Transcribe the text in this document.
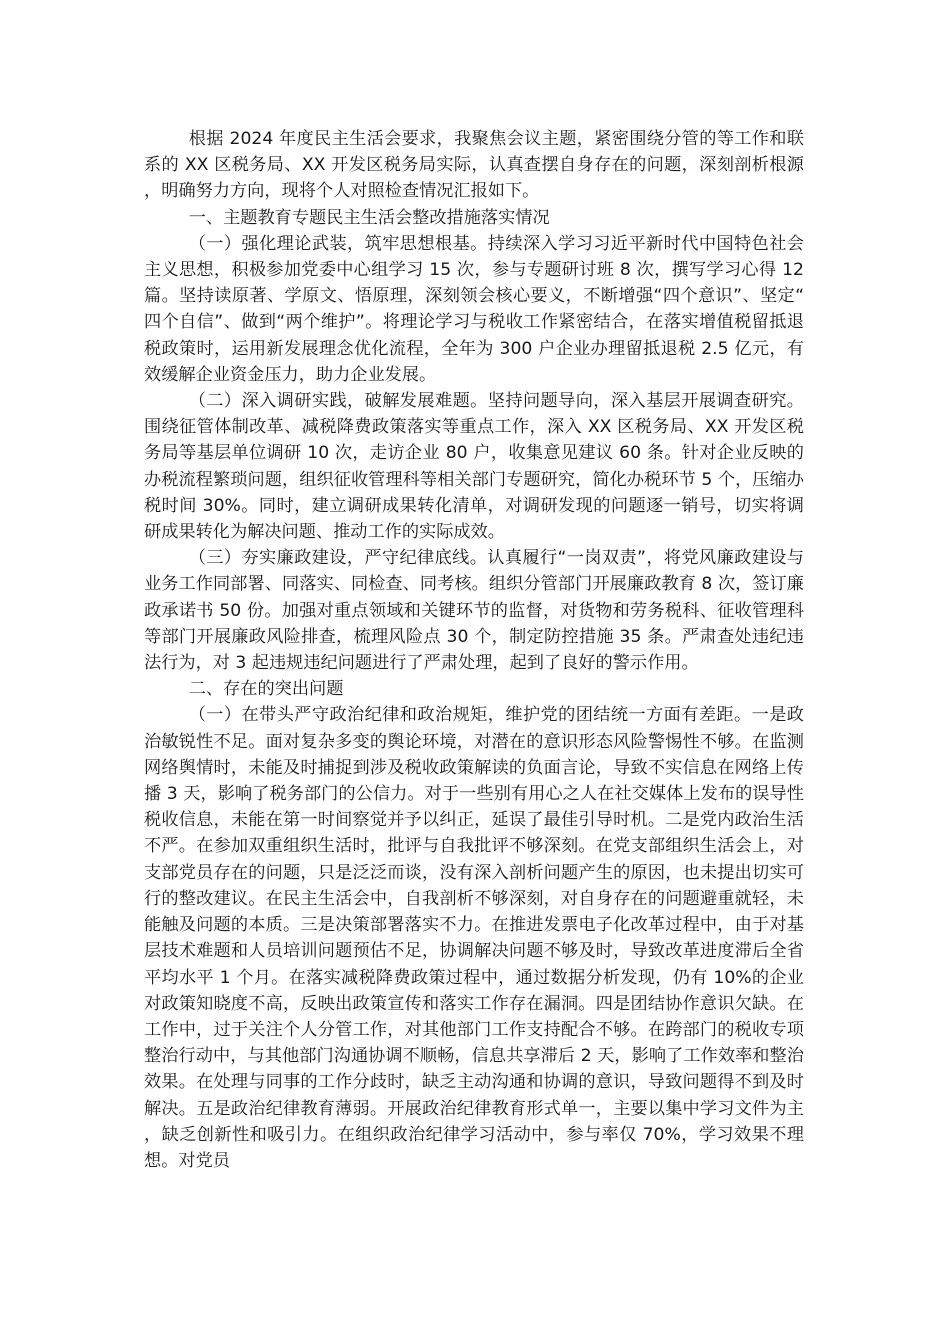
根据 2024 年度民主生活会要求，我聚焦会议主题，紧密围绕分管的等工作和联系的 XX 区税务局、XX 开发区税务局实际，认真查摆自身存在的问题，深刻剖析根源，明确努力方向，现将个人对照检查情况汇报如下。

一、主题教育专题民主生活会整改措施落实情况

（一）强化理论武装，筑牢思想根基。持续深入学习习近平新时代中国特色社会主义思想，积极参加党委中心组学习 15 次，参与专题研讨班 8 次，撰写学习心得 12 篇。坚持读原著、学原文、悟原理，深刻领会核心要义，不断增强“四个意识”、坚定“四个自信”、做到“两个维护”。将理论学习与税收工作紧密结合，在落实增值税留抵退税政策时，运用新发展理念优化流程，全年为 300 户企业办理留抵退税 2.5 亿元，有效缓解企业资金压力，助力企业发展。

（二）深入调研实践，破解发展难题。坚持问题导向，深入基层开展调查研究。围绕征管体制改革、减税降费政策落实等重点工作，深入 XX 区税务局、XX 开发区税务局等基层单位调研 10 次，走访企业 80 户，收集意见建议 60 条。针对企业反映的办税流程繁琐问题，组织征收管理科等相关部门专题研究，简化办税环节 5 个，压缩办税时间 30%。同时，建立调研成果转化清单，对调研发现的问题逐一销号，切实将调研成果转化为解决问题、推动工作的实际成效。

（三）夯实廉政建设，严守纪律底线。认真履行“一岗双责”，将党风廉政建设与业务工作同部署、同落实、同检查、同考核。组织分管部门开展廉政教育 8 次，签订廉政承诺书 50 份。加强对重点领域和关键环节的监督，对货物和劳务税科、征收管理科等部门开展廉政风险排查，梳理风险点 30 个，制定防控措施 35 条。严肃查处违纪违法行为，对 3 起违规违纪问题进行了严肃处理，起到了良好的警示作用。

二、存在的突出问题

（一）在带头严守政治纪律和政治规矩，维护党的团结统一方面有差距。一是政治敏锐性不足。面对复杂多变的舆论环境，对潜在的意识形态风险警惕性不够。在监测网络舆情时，未能及时捕捉到涉及税收政策解读的负面言论，导致不实信息在网络上传播 3 天，影响了税务部门的公信力。对于一些别有用心之人在社交媒体上发布的误导性税收信息，未能在第一时间察觉并予以纠正，延误了最佳引导时机。二是党内政治生活不严。在参加双重组织生活时，批评与自我批评不够深刻。在党支部组织生活会上，对支部党员存在的问题，只是泛泛而谈，没有深入剖析问题产生的原因，也未提出切实可行的整改建议。在民主生活会中，自我剖析不够深刻，对自身存在的问题避重就轻，未能触及问题的本质。三是决策部署落实不力。在推进发票电子化改革过程中，由于对基层技术难题和人员培训问题预估不足，协调解决问题不够及时，导致改革进度滞后全省平均水平 1 个月。在落实减税降费政策过程中，通过数据分析发现，仍有 10%的企业对政策知晓度不高，反映出政策宣传和落实工作存在漏洞。四是团结协作意识欠缺。在工作中，过于关注个人分管工作，对其他部门工作支持配合不够。在跨部门的税收专项整治行动中，与其他部门沟通协调不顺畅，信息共享滞后 2 天，影响了工作效率和整治效果。在处理与同事的工作分歧时，缺乏主动沟通和协调的意识，导致问题得不到及时解决。五是政治纪律教育薄弱。开展政治纪律教育形式单一，主要以集中学习文件为主，缺乏创新性和吸引力。在组织政治纪律学习活动中，参与率仅 70%，学习效果不理想。对党员
